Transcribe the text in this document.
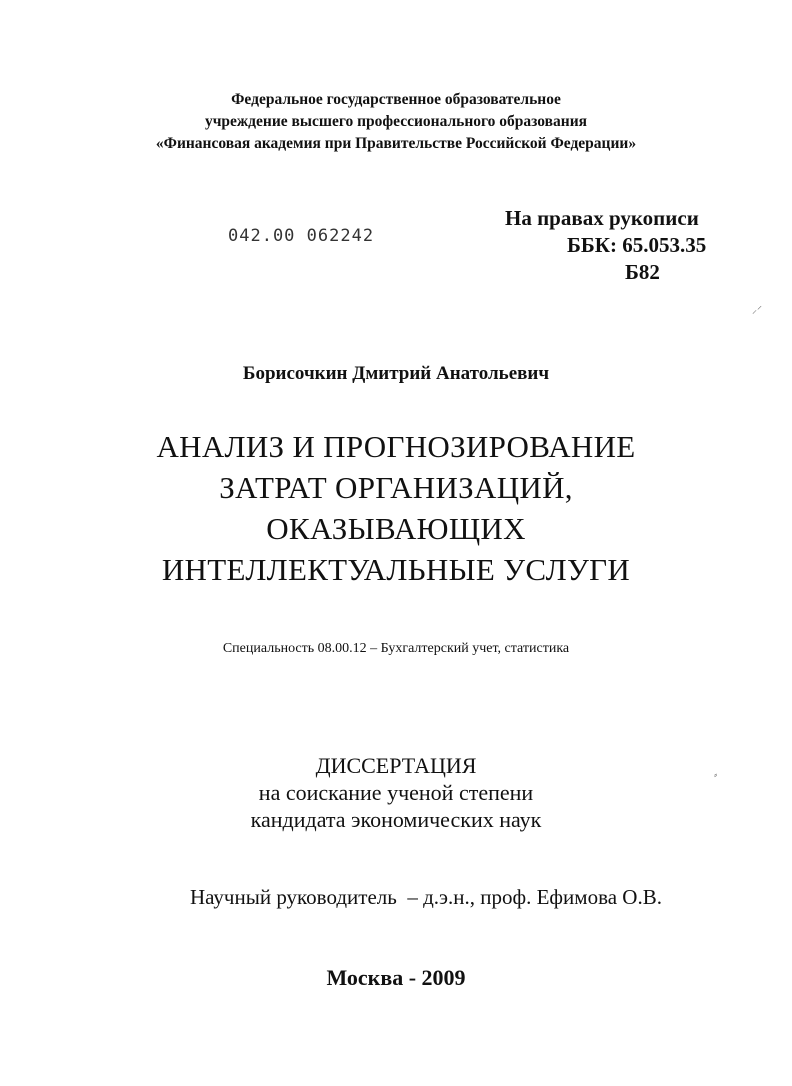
Федеральное государственное образовательное
учреждение высшего профессионального образования
«Финансовая академия при Правительстве Российской Федерации»
042.00 062242
На правах рукописи
ББК: 65.053.35
Б82
⸝⸍
Борисочкин Дмитрий Анатольевич
АНАЛИЗ И ПРОГНОЗИРОВАНИЕ
ЗАТРАТ ОРГАНИЗАЦИЙ,
ОКАЗЫВАЮЩИХ
ИНТЕЛЛЕКТУАЛЬНЫЕ УСЛУГИ
Специальность 08.00.12 – Бухгалтерский учет, статистика
ДИССЕРТАЦИЯ
на соискание ученой степени
кандидата экономических наук
⸗
Научный руководитель  – д.э.н., проф. Ефимова О.В.
Москва - 2009
